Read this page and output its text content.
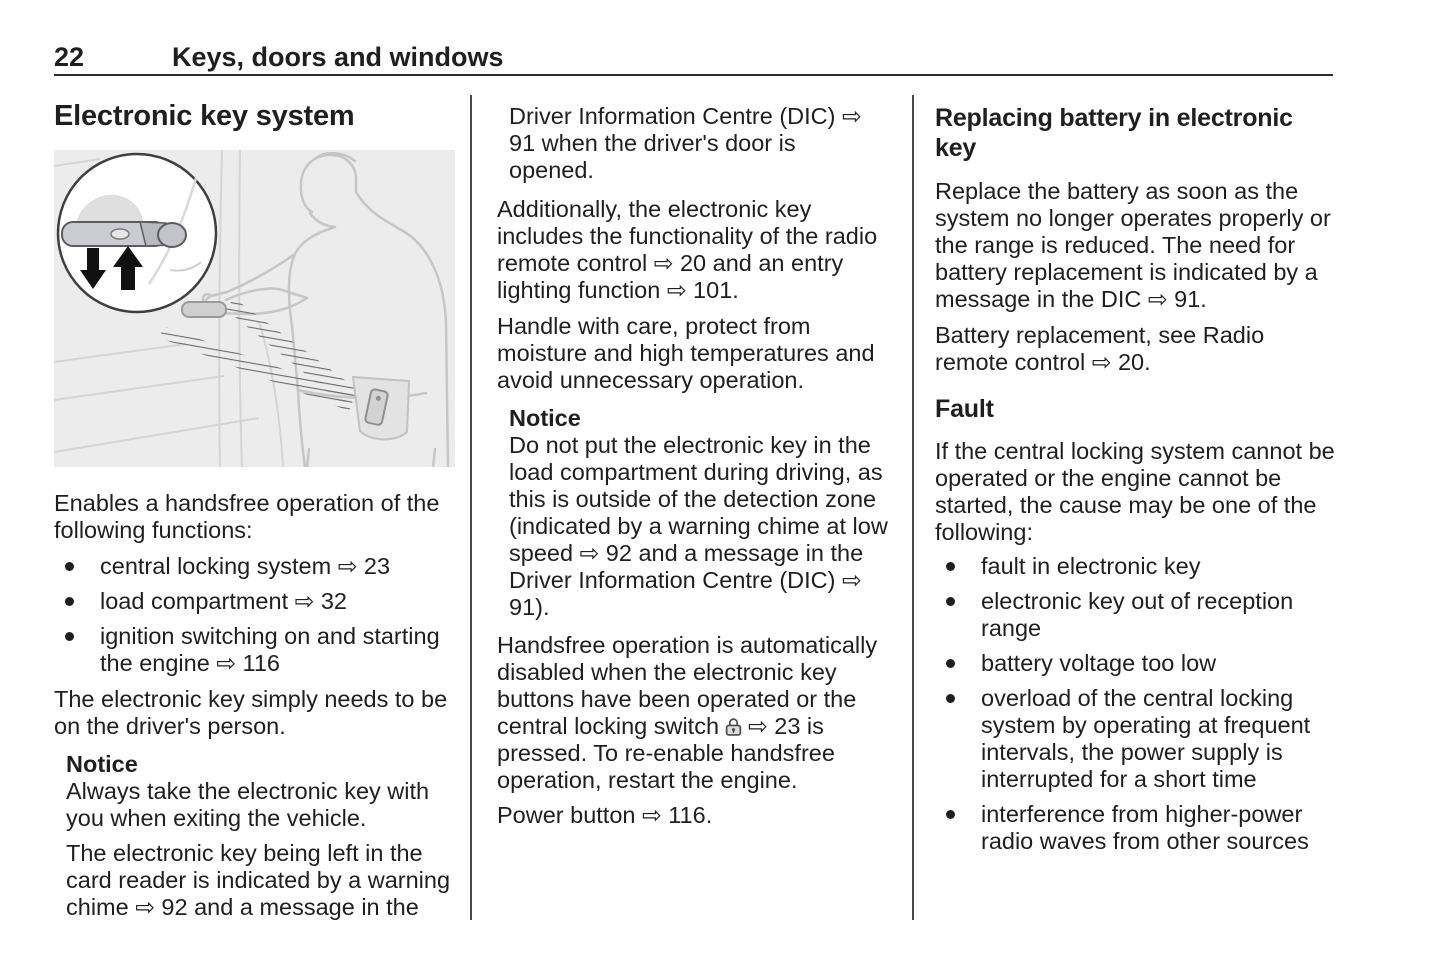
22	Keys, doors and windows
Electronic key system

Enables a handsfree operation of the following functions:

central locking system ⇨ 23
load compartment ⇨ 32
ignition switching on and starting the engine ⇨ 116

The electronic key simply needs to be on the driver's person.

Notice

Always take the electronic key with you when exiting the vehicle.

The electronic key being left in the card reader is indicated by a warning chime ⇨ 92 and a message in the

Driver Information Centre (DIC) ⇨ 91 when the driver's door is opened.

Additionally, the electronic key includes the functionality of the radio remote control ⇨ 20 and an entry lighting function ⇨ 101.

Handle with care, protect from moisture and high temperatures and avoid unnecessary operation.

Notice

Do not put the electronic key in the load compartment during driving, as this is outside of the detection zone (indicated by a warning chime at low speed ⇨ 92 and a message in the Driver Information Centre (DIC) ⇨ 91).

Handsfree operation is automatically disabled when the electronic key buttons have been operated or the central locking switch ⇨ 23 is pressed. To re-enable handsfree operation, restart the engine.

Power button ⇨ 116.

Replacing battery in electronic key

Replace the battery as soon as the system no longer operates properly or the range is reduced. The need for battery replacement is indicated by a message in the DIC ⇨ 91.

Battery replacement, see Radio remote control ⇨ 20.

Fault

If the central locking system cannot be operated or the engine cannot be started, the cause may be one of the following:

fault in electronic key
electronic key out of reception range
battery voltage too low
overload of the central locking system by operating at frequent intervals, the power supply is interrupted for a short time
interference from higher-power radio waves from other sources
